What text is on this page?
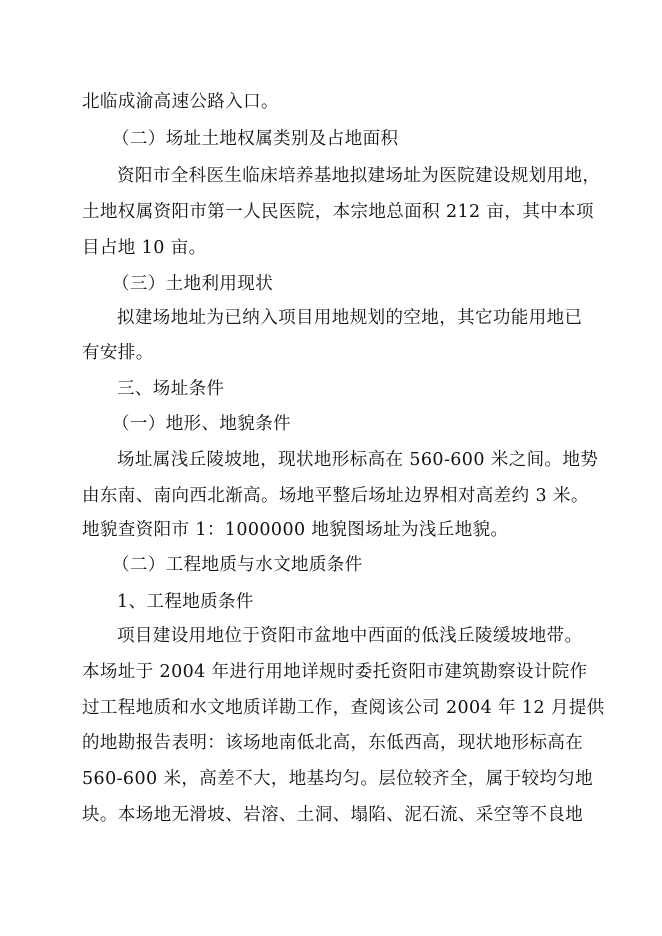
北临成渝高速公路入口。
（二）场址土地权属类别及占地面积
资阳市全科医生临床培养基地拟建场址为医院建设规划用地，
土地权属资阳市第一人民医院，本宗地总面积 212 亩，其中本项
目占地 10 亩。
（三）土地利用现状
拟建场地址为已纳入项目用地规划的空地，其它功能用地已
有安排。
三、场址条件
（一）地形、地貌条件
场址属浅丘陵坡地，现状地形标高在 560-600 米之间。地势
由东南、南向西北渐高。场地平整后场址边界相对高差约 3 米。
地貌查资阳市 1：1000000 地貌图场址为浅丘地貌。
（二）工程地质与水文地质条件
1、工程地质条件
项目建设用地位于资阳市盆地中西面的低浅丘陵缓坡地带。
本场址于 2004 年进行用地详规时委托资阳市建筑勘察设计院作
过工程地质和水文地质详勘工作，查阅该公司 2004 年 12 月提供
的地勘报告表明：该场地南低北高，东低西高，现状地形标高在
560-600 米，高差不大，地基均匀。层位较齐全，属于较均匀地
块。本场地无滑坡、岩溶、土洞、塌陷、泥石流、采空等不良地
